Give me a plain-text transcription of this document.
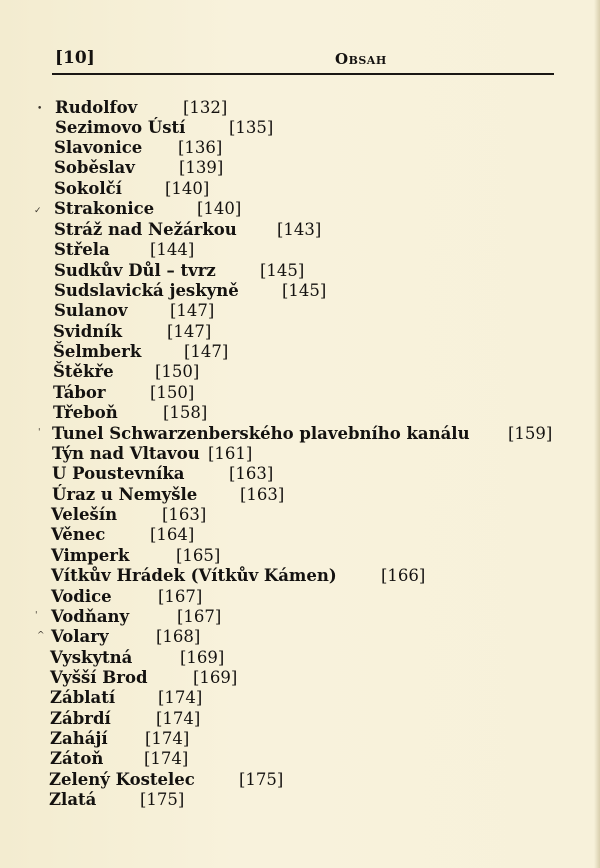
[10]	Obsah
•
✓
'
'
^
Rudolfov	[132]
Sezimovo Ústí	[135]
Slavonice [136]
Soběslav	[139]
Sokolčí	[140]
Strakonice	[140]
Stráž nad Nežárkou [143]
Střela [144]
Sudkův Důl – tvrz	[145]
Sudslavická jeskyně	[145]
Sulanov	[147]
Svidník	[147]
Šelmberk	[147]
Štěkře	[150]
Tábor	[150]
Třeboň	[158]
Tunel Schwarzenberského plavebního kanálu [159]
Týn nad Vltavou [161]
U Poustevníka	[163]
Úraz u Nemyšle	[163]
Velešín	[163]
Věnec	[164]
Vimperk	[165]
Vítkův Hrádek (Vítkův Kámen)	[166]
Vodice	[167]
Vodňany	[167]
Volary	[168]
Vyskytná	[169]
Vyšší Brod	[169]
Záblatí	[174]
Zábrdí	[174]
Zahájí [174]
Zátoň [174]
Zelený Kostelec	[175]
Zlatá	[175]
